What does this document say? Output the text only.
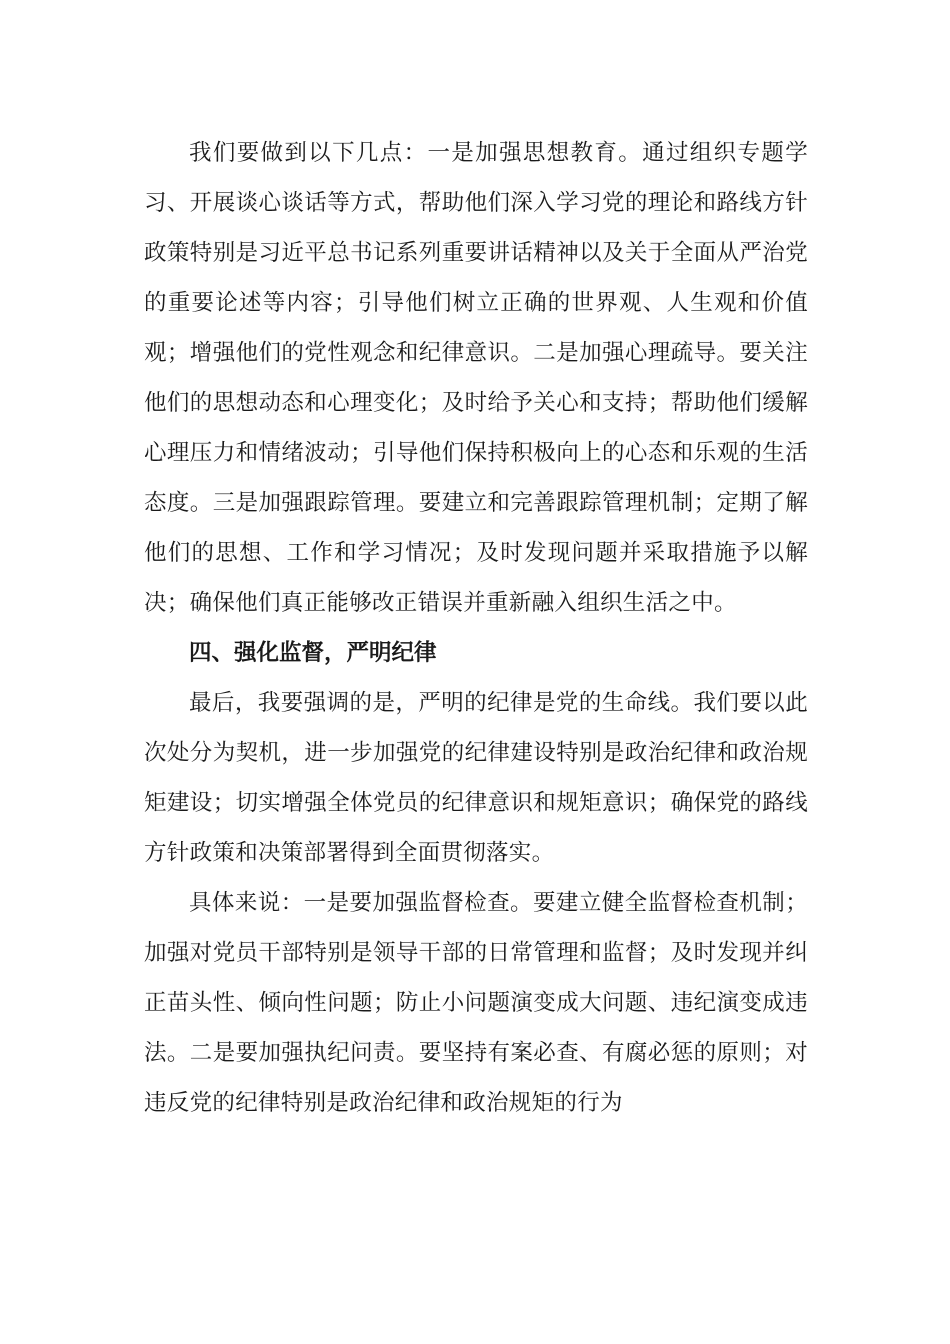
我们要做到以下几点：一是加强思想教育。通过组织专题学习、开展谈心谈话等方式，帮助他们深入学习党的理论和路线方针政策特别是习近平总书记系列重要讲话精神以及关于全面从严治党的重要论述等内容；引导他们树立正确的世界观、人生观和价值观；增强他们的党性观念和纪律意识。二是加强心理疏导。要关注他们的思想动态和心理变化；及时给予关心和支持；帮助他们缓解心理压力和情绪波动；引导他们保持积极向上的心态和乐观的生活态度。三是加强跟踪管理。要建立和完善跟踪管理机制；定期了解他们的思想、工作和学习情况；及时发现问题并采取措施予以解决；确保他们真正能够改正错误并重新融入组织生活之中。

四、强化监督，严明纪律

最后，我要强调的是，严明的纪律是党的生命线。我们要以此次处分为契机，进一步加强党的纪律建设特别是政治纪律和政治规矩建设；切实增强全体党员的纪律意识和规矩意识；确保党的路线方针政策和决策部署得到全面贯彻落实。

具体来说：一是要加强监督检查。要建立健全监督检查机制；加强对党员干部特别是领导干部的日常管理和监督；及时发现并纠正苗头性、倾向性问题；防止小问题演变成大问题、违纪演变成违法。二是要加强执纪问责。要坚持有案必查、有腐必惩的原则；对违反党的纪律特别是政治纪律和政治规矩的行为
